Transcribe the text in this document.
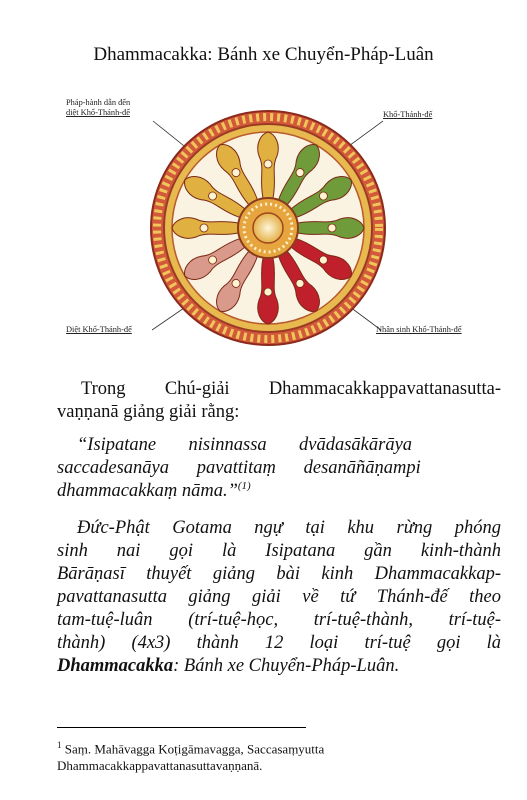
Dhammacakka: Bánh xe Chuyển-Pháp-Luân
Pháp-hành dẫn đến
diệt Khổ-Thánh-đế	Khổ-Thánh-đế
Diệt Khổ-Thánh-đế	Nhân sinh Khổ-Thánh-đế
Trong Chú-giải Dhammacakkappavattanasutta-
vaṇṇanā giảng giải rằng:
“Isipatane       nisinnassa       dvādasākārāya
saccadesanāya      pavattitaṃ      desanāñāṇampi
dhammacakkaṃ nāma.”$^{(1)}$
Đức-Phật Gotama ngự tại khu rừng phóng
sinh nai gọi là Isipatana gần kinh-thành
Bārāṇasī thuyết giảng bài kinh Dhammacakkap-
pavattanasutta giảng giải về tứ Thánh-đế theo
tam-tuệ-luân (trí-tuệ-học, trí-tuệ-thành, trí-tuệ-
thành) (4x3) thành 12 loại trí-tuệ gọi là
Dhammacakka: Bánh xe Chuyển-Pháp-Luân.
$^1$ Saṃ. Mahāvagga Koṭigāmavagga, Saccasaṃyutta
Dhammacakkappavattanasuttavaṇṇanā.
